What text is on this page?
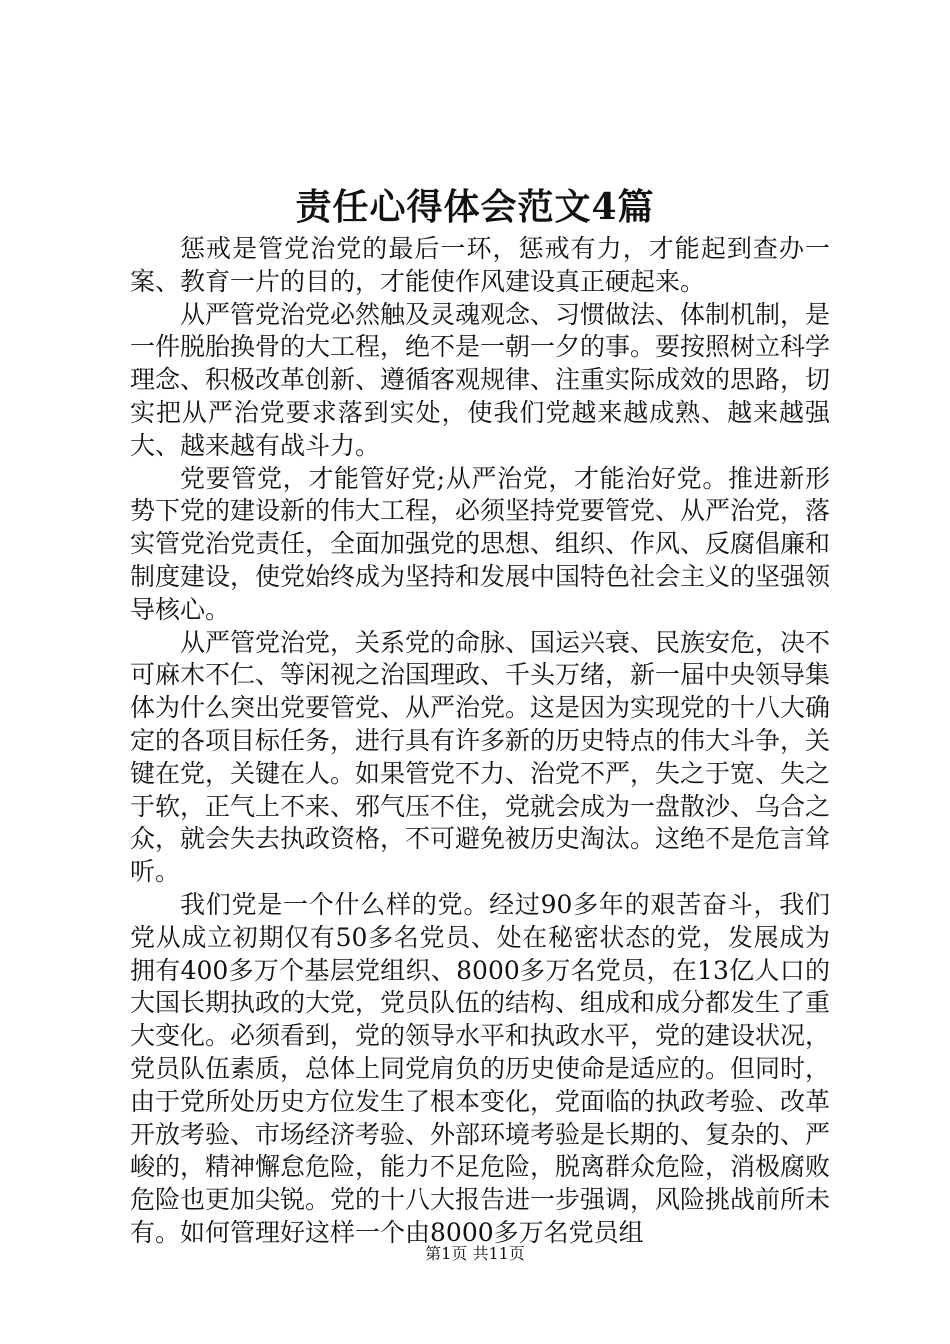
责任心得体会范文4篇

惩戒是管党治党的最后一环，惩戒有力，才能起到查办一案、教育一片的目的，才能使作风建设真正硬起来。

从严管党治党必然触及灵魂观念、习惯做法、体制机制，是一件脱胎换骨的大工程，绝不是一朝一夕的事。要按照树立科学理念、积极改革创新、遵循客观规律、注重实际成效的思路，切实把从严治党要求落到实处，使我们党越来越成熟、越来越强大、越来越有战斗力。

党要管党，才能管好党;从严治党，才能治好党。推进新形势下党的建设新的伟大工程，必须坚持党要管党、从严治党，落实管党治党责任，全面加强党的思想、组织、作风、反腐倡廉和制度建设，使党始终成为坚持和发展中国特色社会主义的坚强领导核心。

从严管党治党，关系党的命脉、国运兴衰、民族安危，决不可麻木不仁、等闲视之治国理政、千头万绪，新一届中央领导集体为什么突出党要管党、从严治党。这是因为实现党的十八大确定的各项目标任务，进行具有许多新的历史特点的伟大斗争，关键在党，关键在人。如果管党不力、治党不严，失之于宽、失之于软，正气上不来、邪气压不住，党就会成为一盘散沙、乌合之众，就会失去执政资格，不可避免被历史淘汰。这绝不是危言耸听。

我们党是一个什么样的党。经过90多年的艰苦奋斗，我们党从成立初期仅有50多名党员、处在秘密状态的党，发展成为拥有400多万个基层党组织、8000多万名党员，在13亿人口的大国长期执政的大党，党员队伍的结构、组成和成分都发生了重大变化。必须看到，党的领导水平和执政水平，党的建设状况，党员队伍素质，总体上同党肩负的历史使命是适应的。但同时，由于党所处历史方位发生了根本变化，党面临的执政考验、改革开放考验、市场经济考验、外部环境考验是长期的、复杂的、严峻的，精神懈怠危险，能力不足危险，脱离群众危险，消极腐败危险也更加尖锐。党的十八大报告进一步强调，风险挑战前所未有。如何管理好这样一个由8000多万名党员组

第1页 共11页
